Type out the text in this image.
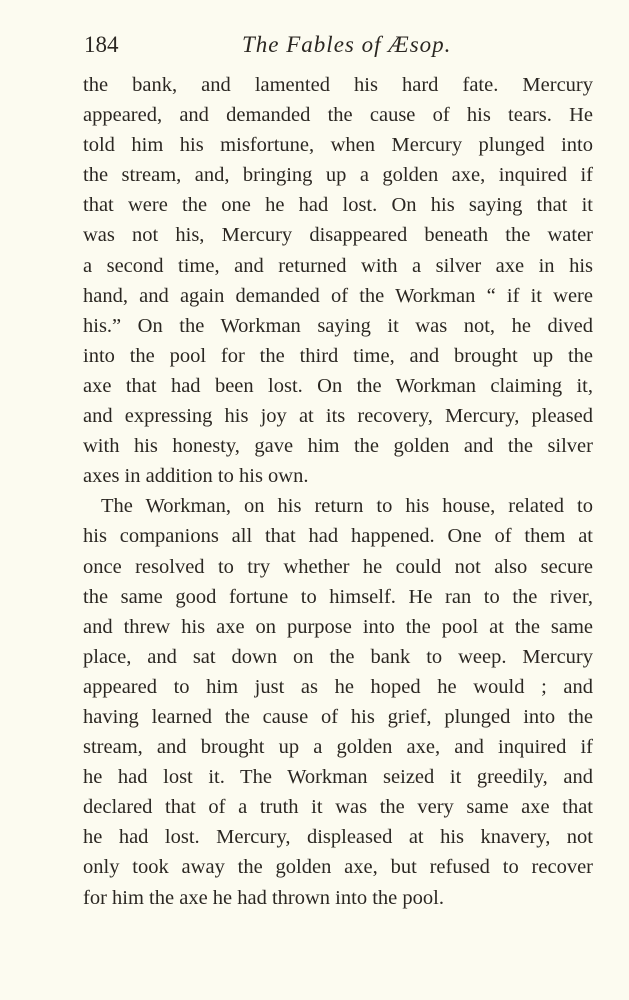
184	The Fables of Æsop.
the bank, and lamented his hard fate. Mercury
appeared, and demanded the cause of his tears. He
told him his misfortune, when Mercury plunged into
the stream, and, bringing up a golden axe, inquired if
that were the one he had lost. On his saying that it
was not his, Mercury disappeared beneath the water
a second time, and returned with a silver axe in his
hand, and again demanded of the Workman “ if it were
his.” On the Workman saying it was not, he dived
into the pool for the third time, and brought up the
axe that had been lost. On the Workman claiming it,
and expressing his joy at its recovery, Mercury, pleased
with his honesty, gave him the golden and the silver
axes in addition to his own.
The Workman, on his return to his house, related to
his companions all that had happened. One of them at
once resolved to try whether he could not also secure
the same good fortune to himself. He ran to the river,
and threw his axe on purpose into the pool at the same
place, and sat down on the bank to weep. Mercury
appeared to him just as he hoped he would ; and
having learned the cause of his grief, plunged into the
stream, and brought up a golden axe, and inquired if
he had lost it. The Workman seized it greedily, and
declared that of a truth it was the very same axe that
he had lost. Mercury, displeased at his knavery, not
only took away the golden axe, but refused to recover
for him the axe he had thrown into the pool.
